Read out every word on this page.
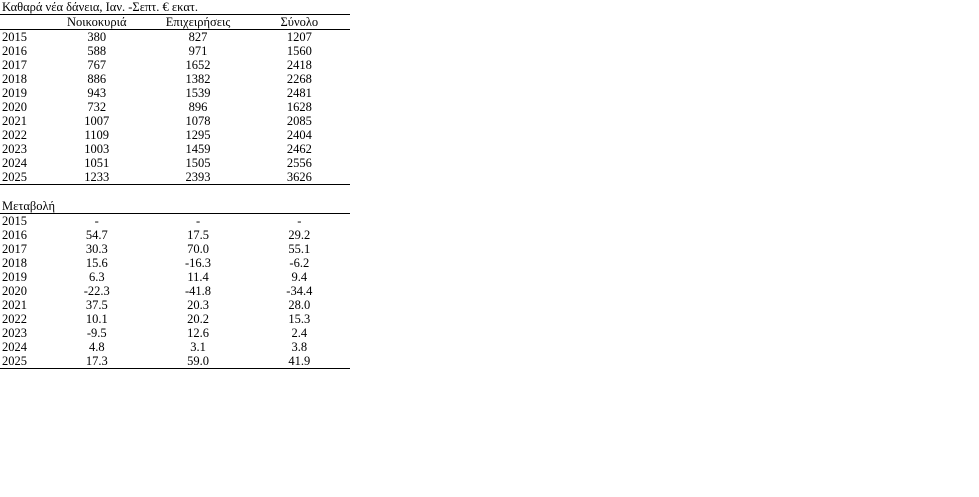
Καθαρά νέα δάνεια, Ιαν. -Σεπτ. € εκατ.			
	Νοικοκυριά	Επιχειρήσεις	Σύνολο
2015	380	827	1207
2016	588	971	1560
2017	767	1652	2418
2018	886	1382	2268
2019	943	1539	2481
2020	732	896	1628
2021	1007	1078	2085
2022	1109	1295	2404
2023	1003	1459	2462
2024	1051	1505	2556
2025	1233	2393	3626

Μεταβολή			
2015	-	-	-
2016	54.7	17.5	29.2
2017	30.3	70.0	55.1
2018	15.6	-16.3	-6.2
2019	6.3	11.4	9.4
2020	-22.3	-41.8	-34.4
2021	37.5	20.3	28.0
2022	10.1	20.2	15.3
2023	-9.5	12.6	2.4
2024	4.8	3.1	3.8
2025	17.3	59.0	41.9
